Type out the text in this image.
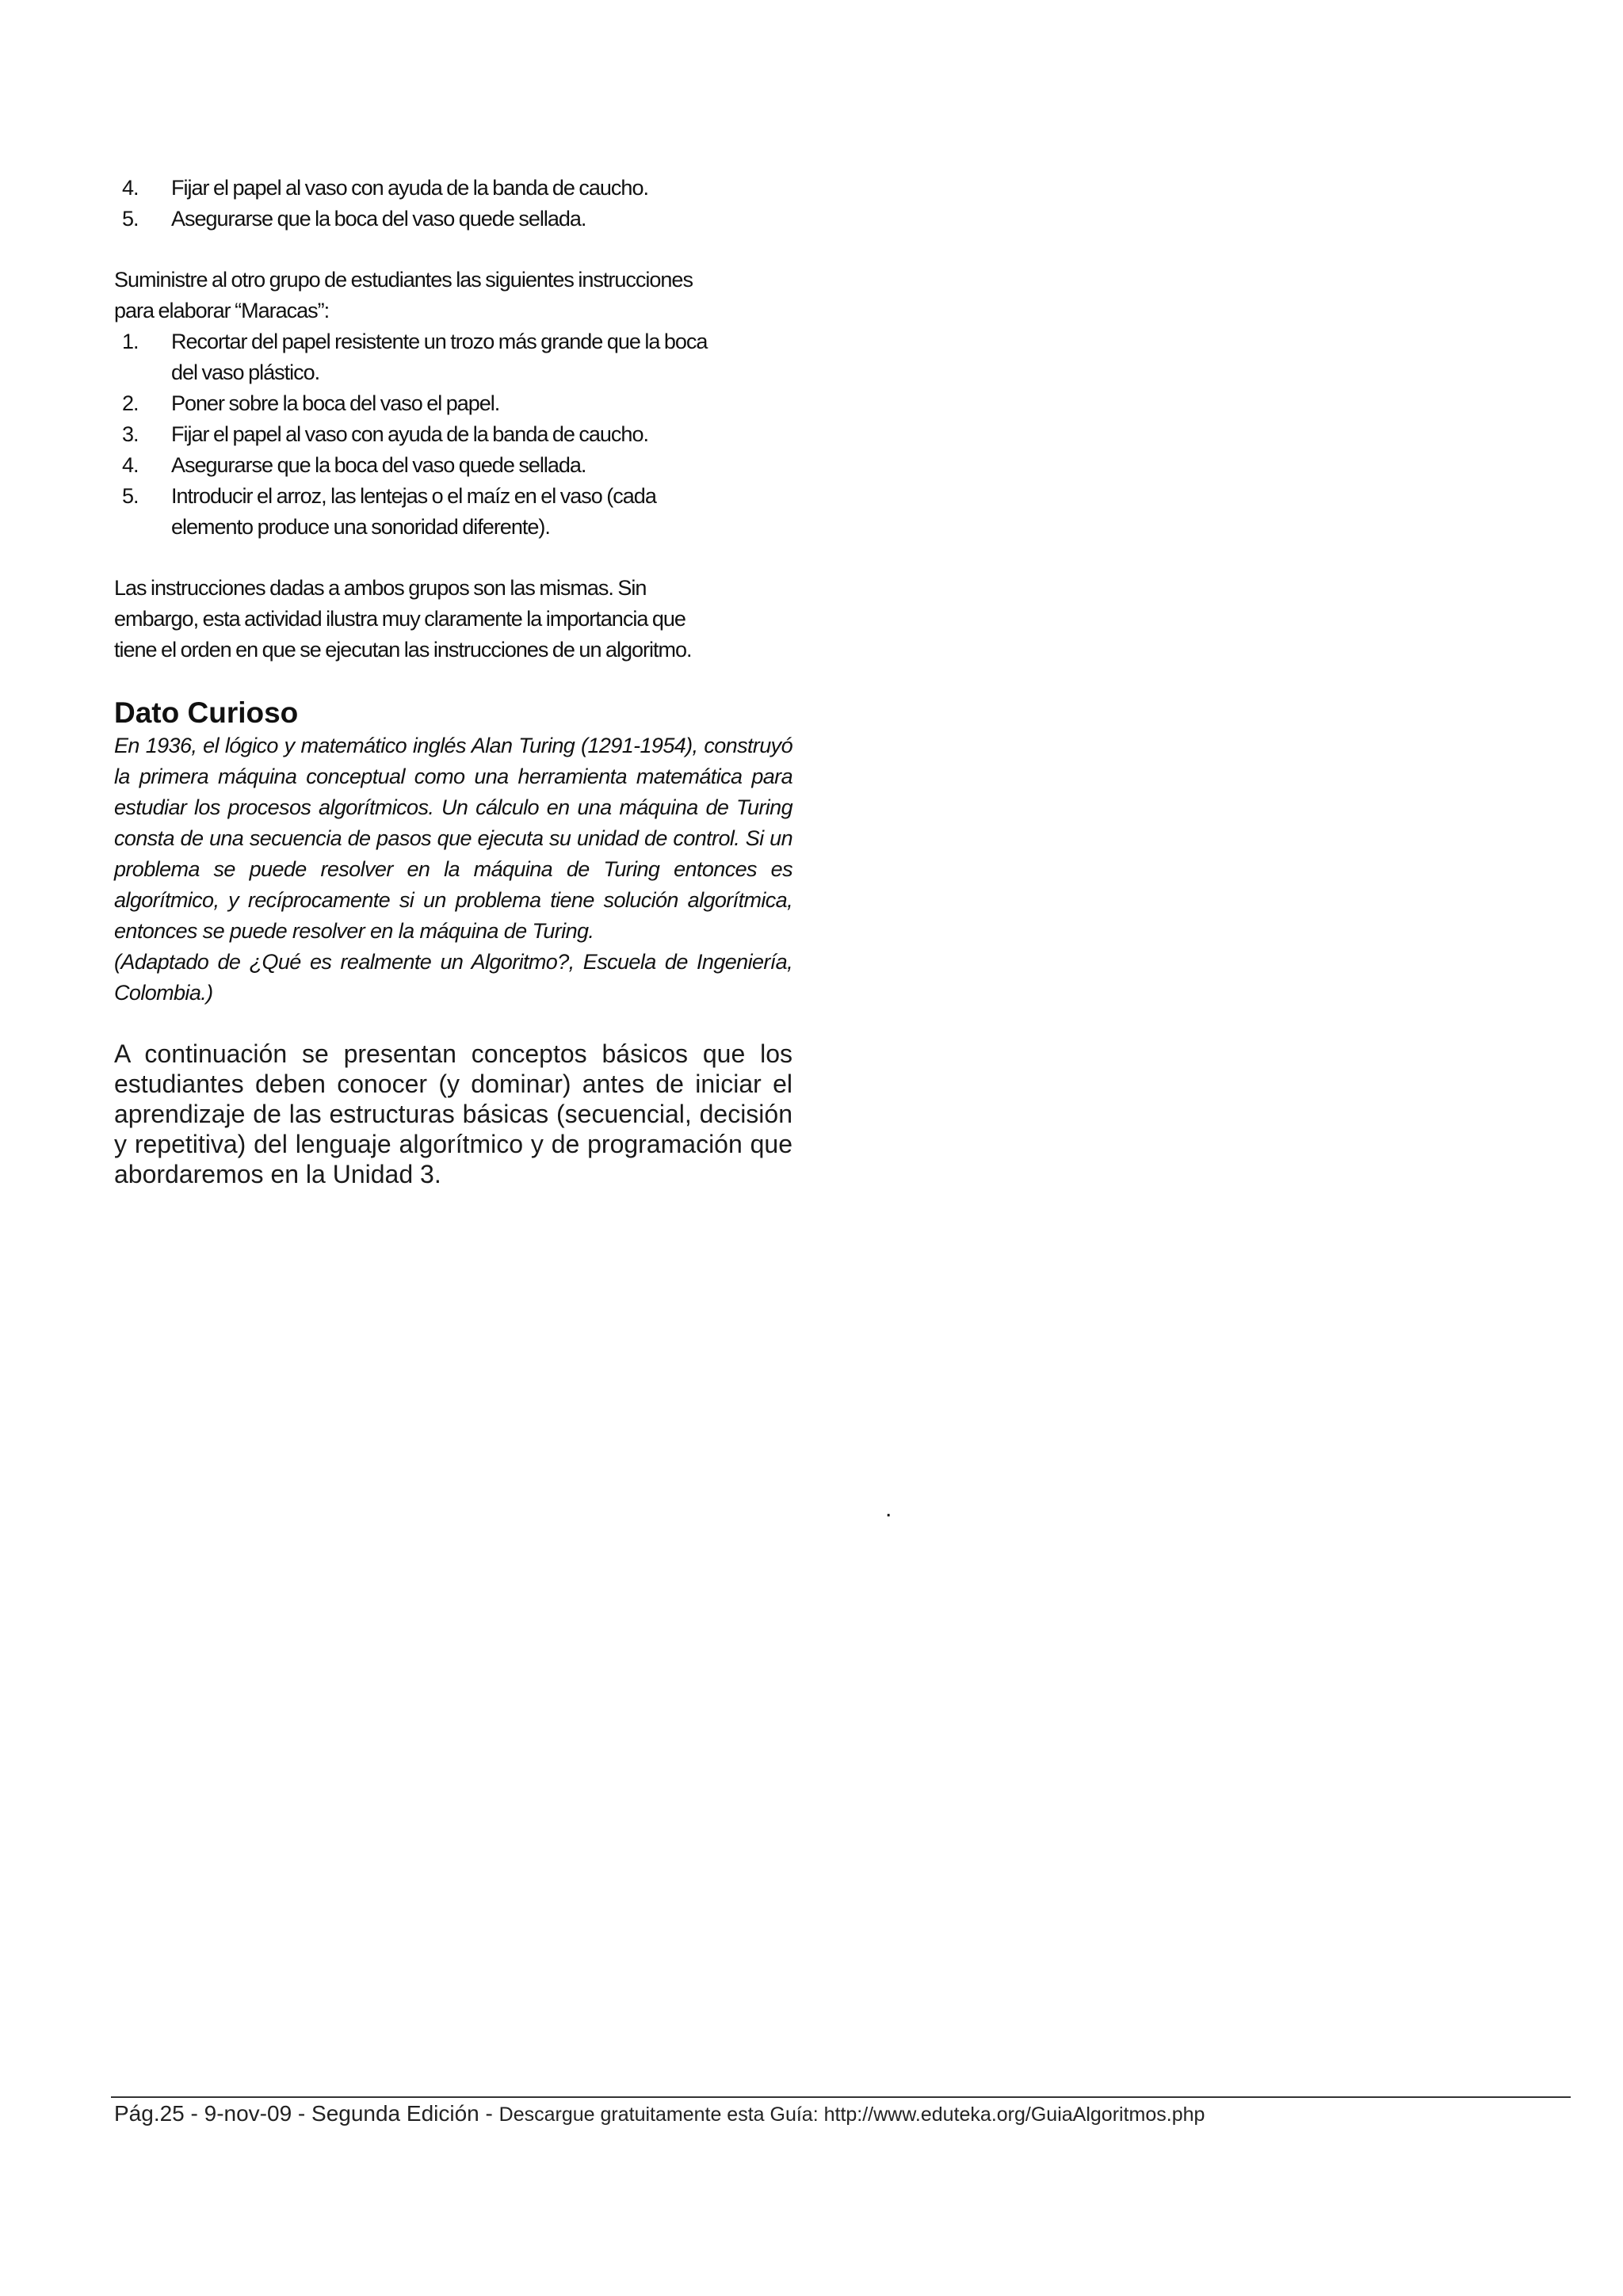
4. Fijar el papel al vaso con ayuda de la banda de caucho.
5. Asegurarse que la boca del vaso quede sellada.

Suministre al otro grupo de estudiantes las siguientes instrucciones
para elaborar “Maracas”:

1. Recortar del papel resistente un trozo más grande que la boca
del vaso plástico.
2. Poner sobre la boca del vaso el papel.
3. Fijar el papel al vaso con ayuda de la banda de caucho.
4. Asegurarse que la boca del vaso quede sellada.
5. Introducir el arroz, las lentejas o el maíz en el vaso (cada
elemento produce una sonoridad diferente).

Las instrucciones dadas a ambos grupos son las mismas. Sin
embargo, esta actividad ilustra muy claramente la importancia que
tiene el orden en que se ejecutan las instrucciones de un algoritmo.

Dato Curioso

En 1936, el lógico y matemático inglés Alan Turing (1291-1954), construyó la primera máquina conceptual como una herramienta matemática para estudiar los procesos algorítmicos. Un cálculo en una máquina de Turing consta de una secuencia de pasos que ejecuta su unidad de control. Si un problema se puede resolver en la máquina de Turing entonces es algorítmico, y recíprocamente si un problema tiene solución algorítmica, entonces se puede resolver en la máquina de Turing.

(Adaptado de ¿Qué es realmente un Algoritmo?, Escuela de Ingeniería, Colombia.)

A continuación se presentan conceptos básicos que los estudiantes deben conocer (y dominar) antes de iniciar el aprendizaje de las estructuras básicas (secuencial, decisión y repetitiva) del lenguaje algorítmico y de programación que abordaremos en la Unidad 3.

.
Pág.25 - 9-nov-09 - Segunda Edición - Descargue gratuitamente esta Guía: http://www.eduteka.org/GuiaAlgoritmos.php
